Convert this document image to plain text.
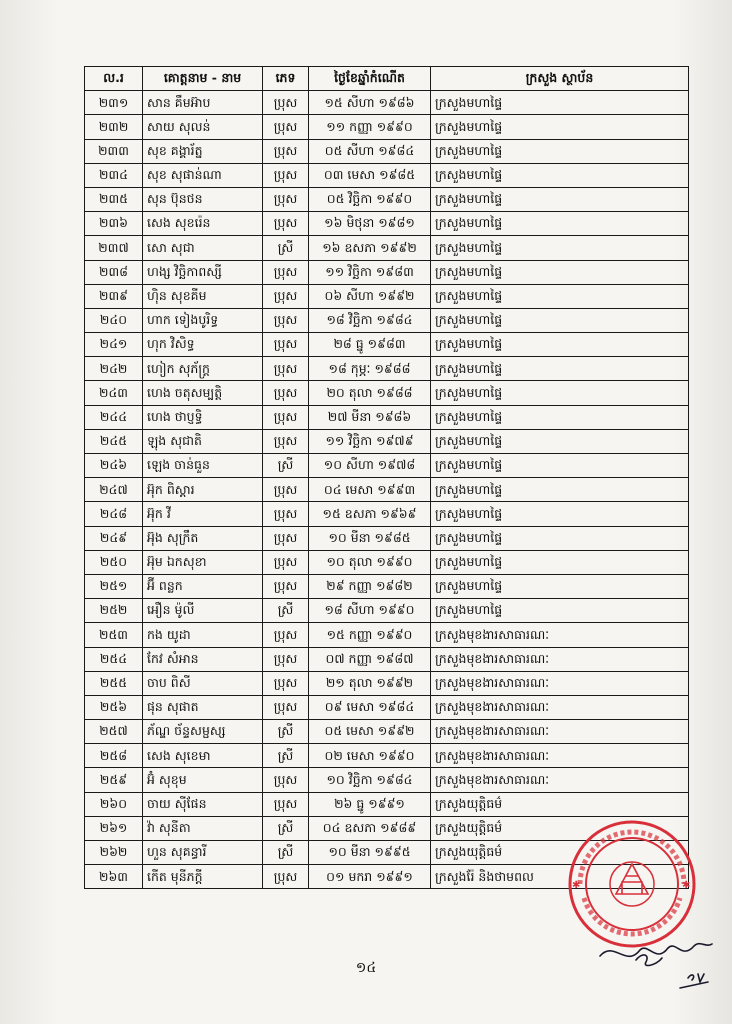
ល.រ	គោត្តនាម - នាម	ភេទ	ថ្ងៃខែឆ្នាំកំណើត	ក្រសួង ស្ថាប័ន
២៣១	សាន គឹមអ៊ាប	ប្រុស	១៥ សីហា ១៩៨៦	ក្រសួងមហាផ្ទៃ
២៣២	សាយ សុលន់	ប្រុស	១១ កញ្ញា ១៩៩០	ក្រសួងមហាផ្ទៃ
២៣៣	សុខ គង្គារ័ត្ន	ប្រុស	០៥ សីហា ១៩៨៤	ក្រសួងមហាផ្ទៃ
២៣៤	សុខ សុផាន់ណា	ប្រុស	០៣ មេសា ១៩៨៥	ក្រសួងមហាផ្ទៃ
២៣៥	សុន ប៊ុនថន	ប្រុស	០៥ វិច្ឆិកា ១៩៩០	ក្រសួងមហាផ្ទៃ
២៣៦	សេង សុខរ៉េន	ប្រុស	១៦ មិថុនា ១៩៨១	ក្រសួងមហាផ្ទៃ
២៣៧	សោ សុជា	ស្រី	១៦ ឧសភា ១៩៩២	ក្រសួងមហាផ្ទៃ
២៣៨	ហង្ស វិច្ឆិកាពស្សី	ប្រុស	១១ វិច្ឆិកា ១៩៨៣	ក្រសួងមហាផ្ទៃ
២៣៩	ហ៊ិន សុខគីម	ប្រុស	០៦ សីហា ១៩៩២	ក្រសួងមហាផ្ទៃ
២៤០	ហាក ទៀងបូរិទ្ធ	ប្រុស	១៨ វិច្ឆិកា ១៩៨៤	ក្រសួងមហាផ្ទៃ
២៤១	ហុក វិសិទ្ធ	ប្រុស	២៨ ធ្នូ ១៩៨៣	ក្រសួងមហាផ្ទៃ
២៤២	ហៀក សុភ័ក្រ្ត	ប្រុស	១៨ កុម្ភៈ ១៩៨៨	ក្រសួងមហាផ្ទៃ
២៤៣	ហេង ចតុសម្បត្តិ	ប្រុស	២០ តុលា ១៩៨៨	ក្រសួងមហាផ្ទៃ
២៤៤	ហេង ថាប្ញទ្ធិ	ប្រុស	២៧ មីនា ១៩៨៦	ក្រសួងមហាផ្ទៃ
២៤៥	ឡុង សុជាតិ	ប្រុស	១១ វិច្ឆិកា ១៩៧៩	ក្រសួងមហាផ្ទៃ
២៤៦	ឡេង ចាន់ធួន	ស្រី	១០ សីហា ១៩៧៨	ក្រសួងមហាផ្ទៃ
២៤៧	អ៊ុក ពិស្តារ	ប្រុស	០៤ មេសា ១៩៩៣	ក្រសួងមហាផ្ទៃ
២៤៨	អ៊ុក វី	ប្រុស	១៥ ឧសភា ១៩៦៩	ក្រសួងមហាផ្ទៃ
២៤៩	អ៊ុង សុក្រឹត	ប្រុស	១០ មីនា ១៩៨៥	ក្រសួងមហាផ្ទៃ
២៥០	អ៊ុម ឯកសុខា	ប្រុស	១០ តុលា ១៩៩០	ក្រសួងមហាផ្ទៃ
២៥១	អ៊ី ពន្លក	ប្រុស	២៩ កញ្ញា ១៩៨២	ក្រសួងមហាផ្ទៃ
២៥២	អឿន ម៉ូលី	ស្រី	១៨ សីហា ១៩៩០	ក្រសួងមហាផ្ទៃ
២៥៣	កង យូដា	ប្រុស	១៥ កញ្ញា ១៩៩០	ក្រសួងមុខងារសាធារណៈ
២៥៤	កែវ សំអាន	ប្រុស	០៧ កញ្ញា ១៩៨៧	ក្រសួងមុខងារសាធារណៈ
២៥៥	ចាប ពិសី	ប្រុស	២១ តុលា ១៩៩២	ក្រសួងមុខងារសាធារណៈ
២៥៦	ផុន សុផាត	ប្រុស	០៩ មេសា ១៩៨៤	ក្រសួងមុខងារសាធារណៈ
២៥៧	ភ័ណ្ឌ ច័ន្ទសម្ផស្ស	ស្រី	០៥ មេសា ១៩៩២	ក្រសួងមុខងារសាធារណៈ
២៥៨	សេង សុខេមា	ស្រី	០២ មេសា ១៩៩០	ក្រសួងមុខងារសាធារណៈ
២៥៩	អ៊ំ សុខុម	ប្រុស	១០ វិច្ឆិកា ១៩៨៤	ក្រសួងមុខងារសាធារណៈ
២៦០	ចាយ ស៊ីផែន	ប្រុស	២៦ ធ្នូ ១៩៩១	ក្រសួងយុត្តិធម៌
២៦១	វ៉ា សុនីតា	ស្រី	០៤ ឧសភា ១៩៨៩	ក្រសួងយុត្តិធម៌
២៦២	ហួន សុគន្ធារី	ស្រី	១០ មីនា ១៩៩៥	ក្រសួងយុត្តិធម៌
២៦៣	កើត មុនីភក្តី	ប្រុស	០១ មករា ១៩៩១	ក្រសួងរ៉ែ និងថាមពល
១៤
✱	✱
